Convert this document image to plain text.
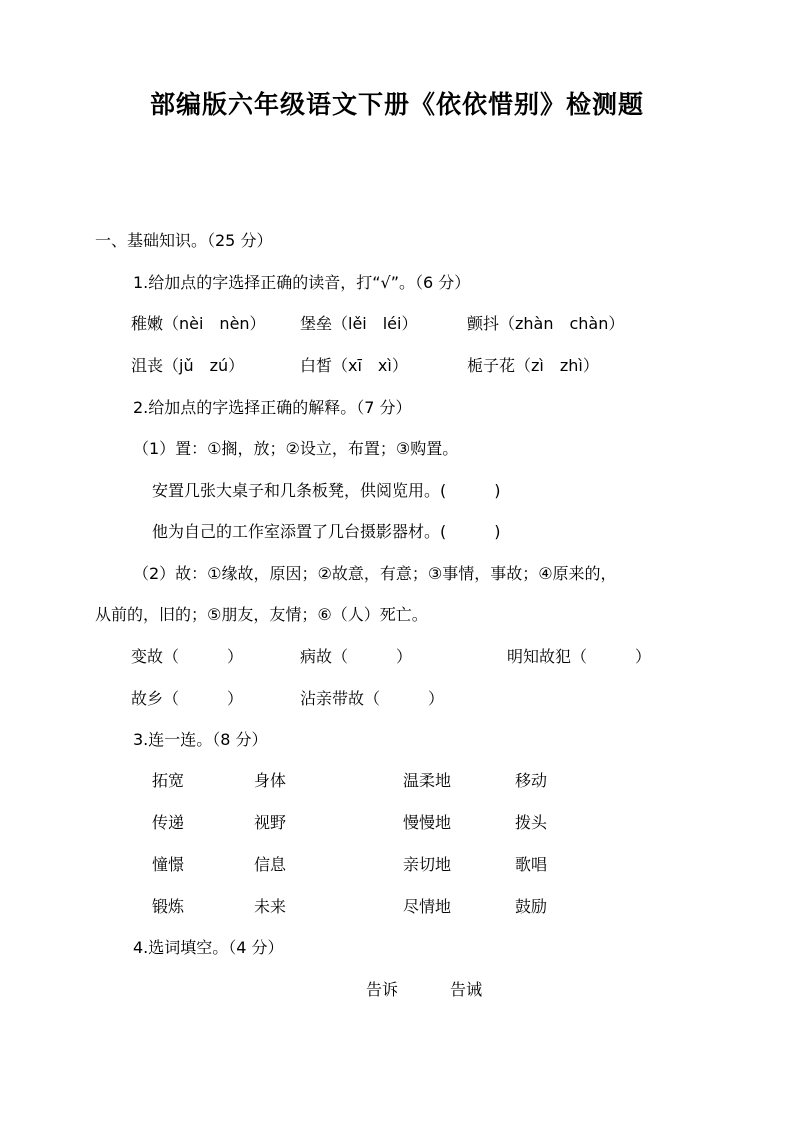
部编版六年级语文下册《依依惜别》检测题
一、基础知识。（25 分）
1.给加点的字选择正确的读音，打“√”。（6 分）
稚嫩（nèi　nèn） 堡垒（lěi　léi）	颤抖（zhàn　chàn）
沮丧（jǔ　zú）	白皙（xī　xì）	栀子花（zì　zhì）
2.给加点的字选择正确的解释。（7 分）
（1）置：①搁，放；②设立，布置；③购置。
安置几张大桌子和几条板凳，供阅览用。(　　　)
他为自己的工作室添置了几台摄影器材。(　　　)
（2）故：①缘故，原因；②故意，有意；③事情，事故；④原来的，
从前的，旧的；⑤朋友，友情；⑥（人）死亡。
变故（　　　）	病故（　　　）	明知故犯（　　　）
故乡（　　　）	沾亲带故（　　　）
3.连一连。（8 分）
拓宽	身体	温柔地	移动
传递	视野	慢慢地	拨头
憧憬	信息	亲切地	歌唱
锻炼	未来	尽情地	鼓励
4.选词填空。（4 分）
告诉	告诫
